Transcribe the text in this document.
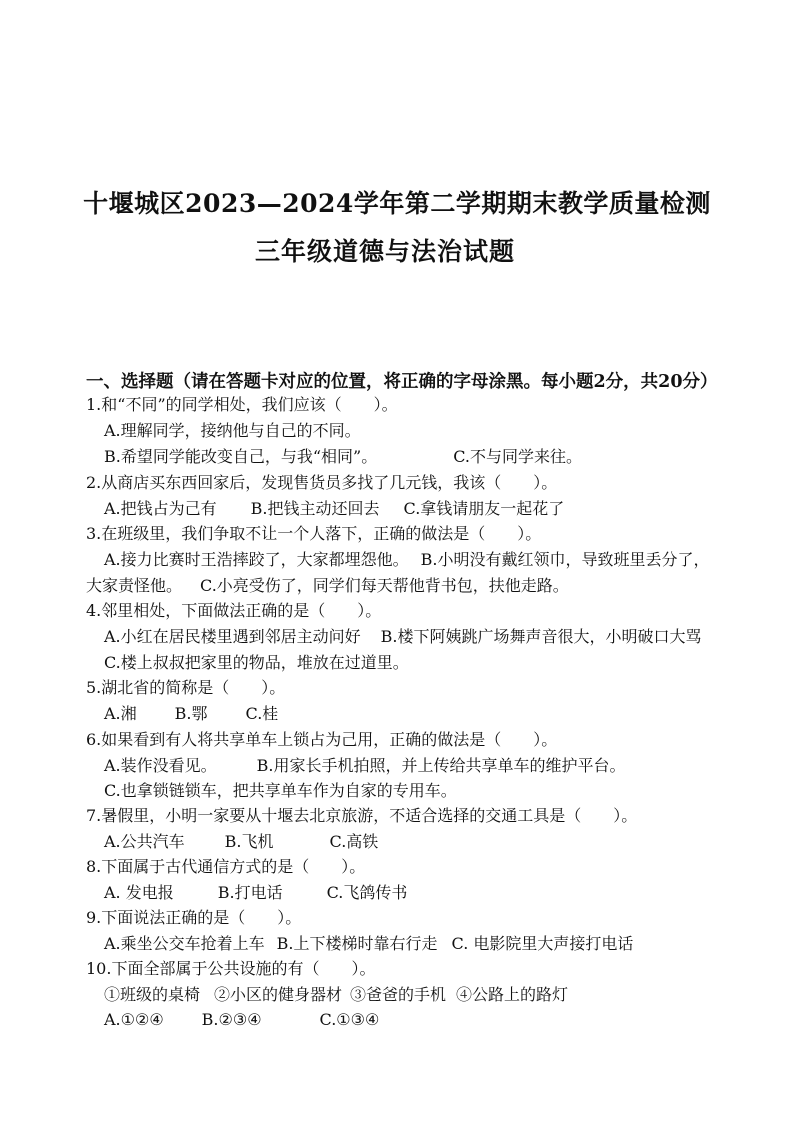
十堰城区2023—2024学年第二学期期末教学质量检测
三年级道德与法治试题
一、选择题（请在答题卡对应的位置，将正确的字母涂黑。每小题2分，共20分）
1.和“不同”的同学相处，我们应该（　　）。
A.理解同学，接纳他与自己的不同。
B.希望同学能改变自己，与我“相同”。	C.不与同学来往。
2.从商店买东西回家后，发现售货员多找了几元钱，我该（　　）。
A.把钱占为己有 B.把钱主动还回去 C.拿钱请朋友一起花了
3.在班级里，我们争取不让一个人落下，正确的做法是（　　）。
A.接力比赛时王浩摔跤了，大家都埋怨他。 B.小明没有戴红领巾，导致班里丢分了，
大家责怪他。 C.小亮受伤了，同学们每天帮他背书包，扶他走路。
4.邻里相处，下面做法正确的是（　　）。
A.小红在居民楼里遇到邻居主动问好 B.楼下阿姨跳广场舞声音很大，小明破口大骂
C.楼上叔叔把家里的物品，堆放在过道里。
5.湖北省的简称是（　　）。
A.湘 B.鄂 C.桂
6.如果看到有人将共享单车上锁占为己用，正确的做法是（　　）。
A.装作没看见。	B.用家长手机拍照，并上传给共享单车的维护平台。
C.也拿锁链锁车，把共享单车作为自家的专用车。
7.暑假里，小明一家要从十堰去北京旅游，不适合选择的交通工具是（　　）。
A.公共汽车	B.飞机	C.高铁
8.下面属于古代通信方式的是（　　）。
A. 发电报	B.打电话	C.飞鸽传书
9.下面说法正确的是（　　）。
A.乘坐公交车抢着上车 B.上下楼梯时靠右行走 C. 电影院里大声接打电话
10.下面全部属于公共设施的有（　　）。
①班级的桌椅 ②小区的健身器材 ③爸爸的手机 ④公路上的路灯
A.①②④ B.②③④	C.①③④
